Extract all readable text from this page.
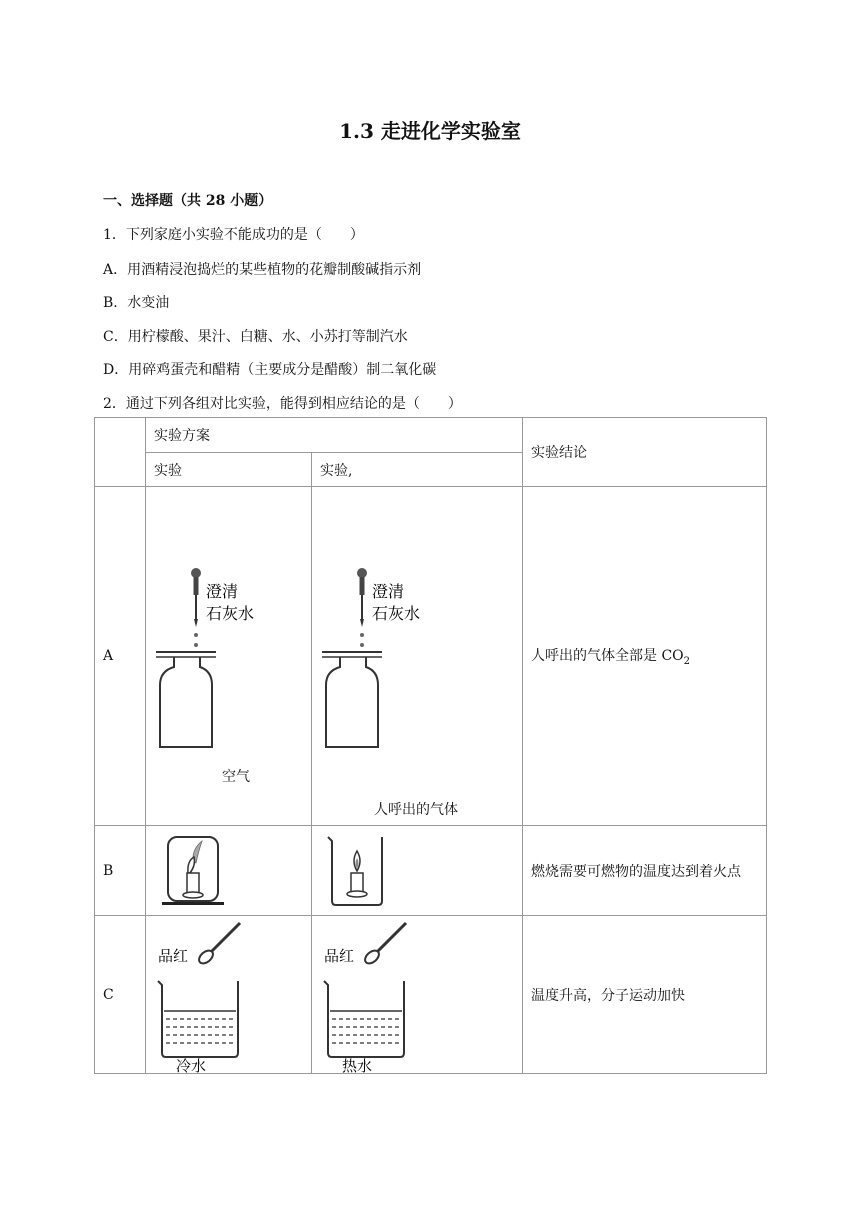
1.3 走进化学实验室
一、选择题（共 28 小题）
1．下列家庭小实验不能成功的是（　　）
A．用酒精浸泡捣烂的某些植物的花瓣制酸碱指示剂
B．水变油
C．用柠檬酸、果汁、白糖、水、小苏打等制汽水
D．用碎鸡蛋壳和醋精（主要成分是醋酸）制二氧化碳
2．通过下列各组对比实验，能得到相应结论的是（　　）
	实验方案		实验结论
	实验	实验,	
A	澄清
石灰水
空气	澄清
石灰水
人呼出的气体	人呼出的气体全部是 $CO_2$
B			燃烧需要可燃物的温度达到着火点
C	品红
冷水	品红
热水	温度升高，分子运动加快
